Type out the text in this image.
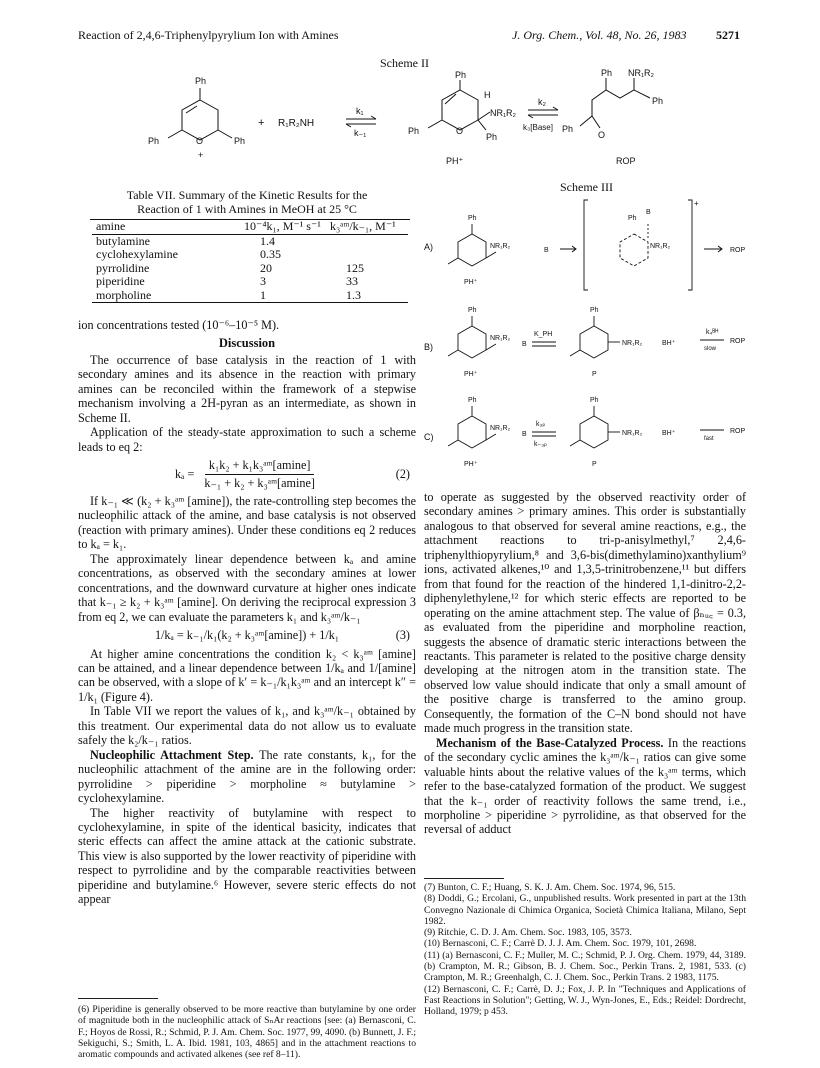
Reaction of 2,4,6-Triphenylpyrylium Ion with Amines	J. Org. Chem., Vol. 48, No. 26, 1983 5271
Scheme II
Ph
Ph	Ph
O
+
+ R₁R₂NH
k₁
k₋₁
Ph
Ph
H
NR₁R₂
Ph
O
PH⁺
k₂
k₃[Base]
Ph NR₁R₂
Ph
Ph
O
ROP
Table VII. Summary of the Kinetic Results for the
Reaction of 1 with Amines in MeOH at 25 °C
amine	10⁻⁴k₁, M⁻¹ s⁻¹	k₃ᵃᵐ/k₋₁, M⁻¹
butylamine	1.4	
cyclohexylamine	0.35	
pyrrolidine	20	125
piperidine	3	33
morpholine	1	1.3

ion concentrations tested (10⁻⁶–10⁻⁵ M).

Discussion

The occurrence of base catalysis in the reaction of 1 with secondary amines and its absence in the reaction with primary amines can be reconciled within the framework of a stepwise mechanism involving a 2H-pyran as an intermediate, as shown in Scheme II.

Application of the steady-state approximation to such a scheme leads to eq 2:

$k_a = \frac{\text{k₁k₂ + k₁k₃ᵃᵐ[amine]}}{\text{k₋₁ + k₂ + k₃ᵃᵐ[amine]}}$	(2)

If k₋₁ ≪ (k₂ + k₃ᵃᵐ [amine]), the rate-controlling step becomes the nucleophilic attack of the amine, and base catalysis is not observed (reaction with primary amines). Under these conditions eq 2 reduces to kₐ = k₁.

The approximately linear dependence between kₐ and amine concentrations, as observed with the secondary amines at lower concentrations, and the downward curvature at higher ones indicate that k₋₁ ≥ k₂ + k₃ᵃᵐ [amine]. On deriving the reciprocal expression 3 from eq 2, we can evaluate the parameters k₁ and k₃ᵃᵐ/k₋₁

1/kₐ = k₋₁/k₁(k₂ + k₃ᵃᵐ[amine]) + 1/k₁	(3)

At higher amine concentrations the condition k₂ < k₃ᵃᵐ [amine] can be attained, and a linear dependence between 1/kₐ and 1/[amine] can be observed, with a slope of k′ = k₋₁/k₁k₃ᵃᵐ and an intercept k″ = 1/k₁ (Figure 4).

In Table VII we report the values of k₁, and k₃ᵃᵐ/k₋₁ obtained by this treatment. Our experimental data do not allow us to evaluate safely the k₂/k₋₁ ratios.

Nucleophilic Attachment Step. The rate constants, k₁, for the nucleophilic attachment of the amine are in the following order: pyrrolidine > piperidine > morpholine ≈ butylamine > cyclohexylamine.

The higher reactivity of butylamine with respect to cyclohexylamine, in spite of the identical basicity, indicates that steric effects can affect the amine attack at the cationic substrate. This view is also supported by the lower reactivity of piperidine with respect to pyrrolidine and by the comparable reactivities between piperidine and butylamine.⁶ However, severe steric effects do not appear

(6) Piperidine is generally observed to be more reactive than butylamine by one order of magnitude both in the nucleophilic attack of SₙAr reactions [see: (a) Bernasconi, C. F.; Hoyos de Rossi, R.; Schmid, P. J. Am. Chem. Soc. 1977, 99, 4090. (b) Bunnett, J. F.; Sekiguchi, S.; Smith, L. A. Ibid. 1981, 103, 4865] and in the attachment reactions to aromatic compounds and activated alkenes (see ref 8–11).

Scheme III
A)
Ph
NR₁R₂
PH⁺
B
B
+
Ph
NR₁R₂
ROP
B)
Ph
NR₁R₂
PH⁺
B
K_PH
Ph
NR₁R₂
P
BH⁺
k₄ᴮᴴ
slow
ROP
C)
Ph
NR₁R₂
PH⁺
B
k₃ₚ
k₋₃ₚ
Ph
NR₁R₂
P
BH⁺
fast
ROP

to operate as suggested by the observed reactivity order of secondary amines > primary amines. This order is substantially analogous to that observed for several amine reactions, e.g., the attachment reactions to tri-p-anisylmethyl,⁷ 2,4,6-triphenylthiopyrylium,⁸ and 3,6-bis(dimethylamino)xanthylium⁹ ions, activated alkenes,¹⁰ and 1,3,5-trinitrobenzene,¹¹ but differs from that found for the reaction of the hindered 1,1-dinitro-2,2-diphenylethylene,¹² for which steric effects are reported to be operating on the amine attachment step. The value of βₙᵤ꜀ = 0.3, as evaluated from the piperidine and morpholine reaction, suggests the absence of dramatic steric interactions between the reactants. This parameter is related to the positive charge density developing at the nitrogen atom in the transition state. The observed low value should indicate that only a small amount of the positive charge is transferred to the amino group. Consequently, the formation of the C–N bond should not have made much progress in the transition state.

Mechanism of the Base-Catalyzed Process. In the reactions of the secondary cyclic amines the k₃ᵃᵐ/k₋₁ ratios can give some valuable hints about the relative values of the k₃ᵃᵐ terms, which refer to the base-catalyzed formation of the product. We suggest that the k₋₁ order of reactivity follows the same trend, i.e., morpholine > piperidine > pyrrolidine, as that observed for the reversal of adduct

(7) Bunton, C. F.; Huang, S. K. J. Am. Chem. Soc. 1974, 96, 515.

(8) Doddi, G.; Ercolani, G., unpublished results. Work presented in part at the 13th Convegno Nazionale di Chimica Organica, Società Chimica Italiana, Milano, Sept 1982.

(9) Ritchie, C. D. J. Am. Chem. Soc. 1983, 105, 3573.

(10) Bernasconi, C. F.; Carrè D. J. J. Am. Chem. Soc. 1979, 101, 2698.

(11) (a) Bernasconi, C. F.; Muller, M. C.; Schmid, P. J. Org. Chem. 1979, 44, 3189. (b) Crampton, M. R.; Gibson, B. J. Chem. Soc., Perkin Trans. 2, 1981, 533. (c) Crampton, M. R.; Greenhalgh, C. J. Chem. Soc., Perkin Trans. 2 1983, 1175.

(12) Bernasconi, C. F.; Carrè, D. J.; Fox, J. P. In "Techniques and Applications of Fast Reactions in Solution"; Getting, W. J., Wyn-Jones, E., Eds.; Reidel: Dordrecht, Holland, 1979; p 453.
